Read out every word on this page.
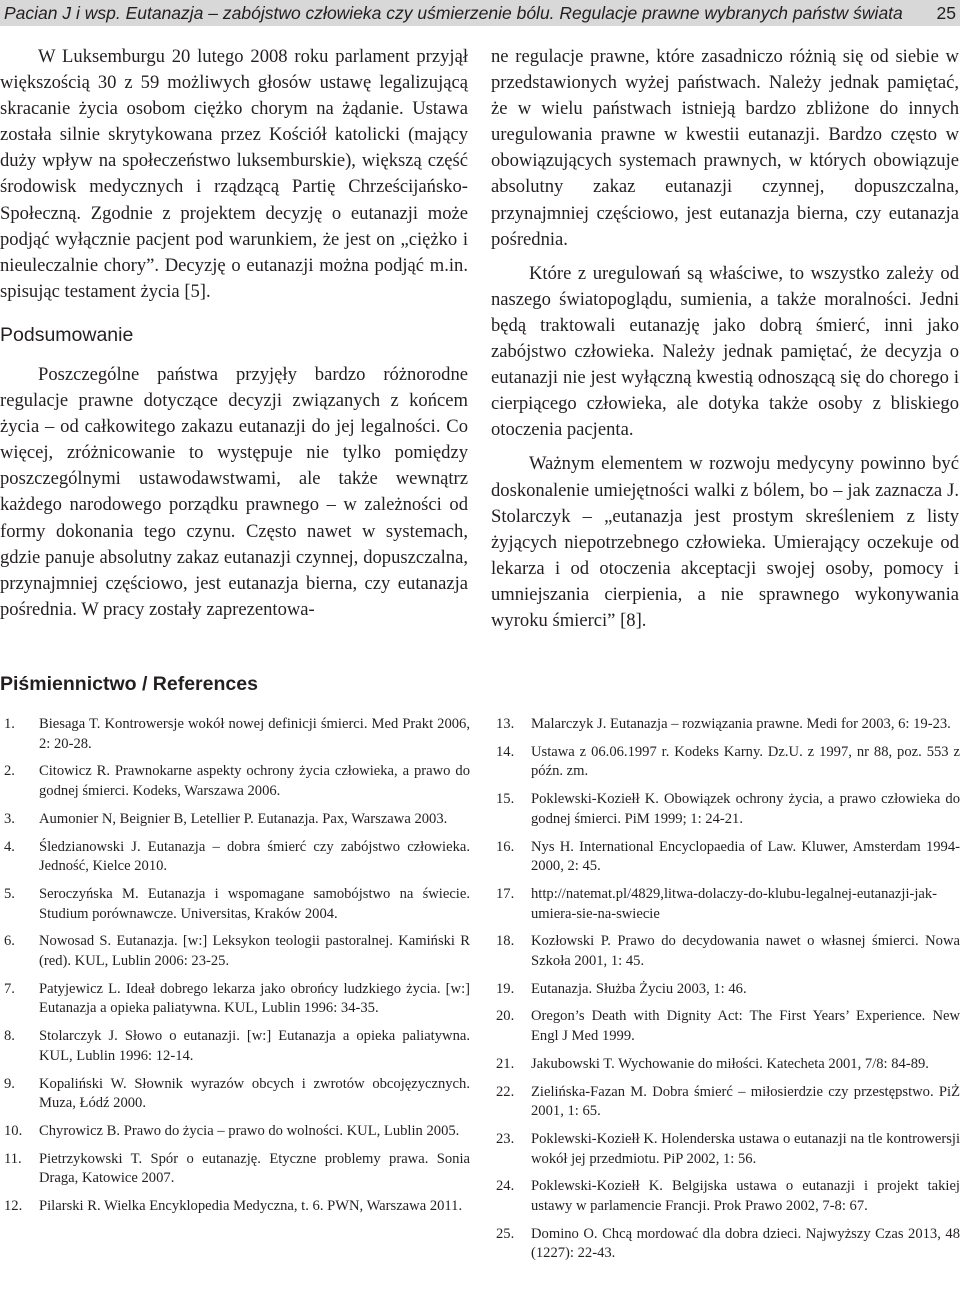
Pacian J i wsp. Eutanazja – zabójstwo człowieka czy uśmierzenie bólu. Regulacje prawne wybranych państw świata 25

W Luksemburgu 20 lutego 2008 roku parlament przyjął większością 30 z 59 możliwych głosów ustawę legalizującą skracanie życia osobom ciężko chorym na żądanie. Ustawa została silnie skrytykowana przez Kościół katolicki (mający duży wpływ na społeczeństwo luksemburskie), większą część środowisk medycznych i rządzącą Partię Chrześcijańsko-Społeczną. Zgodnie z projektem decyzję o eutanazji może podjąć wyłącznie pacjent pod warunkiem, że jest on „ciężko i nieuleczalnie chory”. Decyzję o eutanazji można podjąć m.in. spisując testament życia [5].

Podsumowanie

Poszczególne państwa przyjęły bardzo różnorodne regulacje prawne dotyczące decyzji związanych z końcem życia – od całkowitego zakazu eutanazji do jej legalności. Co więcej, zróżnicowanie to występuje nie tylko pomiędzy poszczególnymi ustawodawstwami, ale także wewnątrz każdego narodowego porządku prawnego – w zależności od formy dokonania tego czynu. Często nawet w systemach, gdzie panuje absolutny zakaz eutanazji czynnej, dopuszczalna, przynajmniej częściowo, jest eutanazja bierna, czy eutanazja pośrednia. W pracy zostały zaprezentowa-

ne regulacje prawne, które zasadniczo różnią się od siebie w przedstawionych wyżej państwach. Należy jednak pamiętać, że w wielu państwach istnieją bardzo zbliżone do innych uregulowania prawne w kwestii eutanazji. Bardzo często w obowiązujących systemach prawnych, w których obowiązuje absolutny zakaz eutanazji czynnej, dopuszczalna, przynajmniej częściowo, jest eutanazja bierna, czy eutanazja pośrednia.

Które z uregulowań są właściwe, to wszystko zależy od naszego światopoglądu, sumienia, a także moralności. Jedni będą traktowali eutanazję jako dobrą śmierć, inni jako zabójstwo człowieka. Należy jednak pamiętać, że decyzja o eutanazji nie jest wyłączną kwestią odnoszącą się do chorego i cierpiącego człowieka, ale dotyka także osoby z bliskiego otoczenia pacjenta.

Ważnym elementem w rozwoju medycyny powinno być doskonalenie umiejętności walki z bólem, bo – jak zaznacza J. Stolarczyk – „eutanazja jest prostym skreśleniem z listy żyjących niepotrzebnego człowieka. Umierający oczekuje od lekarza i od otoczenia akceptacji swojej osoby, pomocy i umniejszania cierpienia, a nie sprawnego wykonywania wyroku śmierci” [8].

Piśmiennictwo / References
1.	Biesaga T. Kontrowersje wokół nowej definicji śmierci. Med Prakt 2006, 2: 20-28.
2.	Citowicz R. Prawnokarne aspekty ochrony życia człowieka, a prawo do godnej śmierci. Kodeks, Warszawa 2006.
3.	Aumonier N, Beignier B, Letellier P. Eutanazja. Pax, Warszawa 2003.
4.	Śledzianowski J. Eutanazja – dobra śmierć czy zabójstwo człowieka. Jedność, Kielce 2010.
5.	Seroczyńska M. Eutanazja i wspomagane samobójstwo na świecie. Studium porównawcze. Universitas, Kraków 2004.
6.	Nowosad S. Eutanazja. [w:] Leksykon teologii pastoralnej. Kamiński R (red). KUL, Lublin 2006: 23-25.
7.	Patyjewicz L. Ideał dobrego lekarza jako obrońcy ludzkiego życia. [w:] Eutanazja a opieka paliatywna. KUL, Lublin 1996: 34-35.
8.	Stolarczyk J. Słowo o eutanazji. [w:] Eutanazja a opieka paliatywna. KUL, Lublin 1996: 12-14.
9.	Kopaliński W. Słownik wyrazów obcych i zwrotów obcojęzycznych. Muza, Łódź 2000.
10.	Chyrowicz B. Prawo do życia – prawo do wolności. KUL, Lublin 2005.
11.	Pietrzykowski T. Spór o eutanazję. Etyczne problemy prawa. Sonia Draga, Katowice 2007.
12.	Pilarski R. Wielka Encyklopedia Medyczna, t. 6. PWN, Warszawa 2011.
13.	Malarczyk J. Eutanazja – rozwiązania prawne. Medi for 2003, 6: 19-23.
14.	Ustawa z 06.06.1997 r. Kodeks Karny. Dz.U. z 1997, nr 88, poz. 553 z późn. zm.
15.	Poklewski-Koziełł K. Obowiązek ochrony życia, a prawo człowieka do godnej śmierci. PiM 1999; 1: 24-21.
16.	Nys H. International Encyclopaedia of Law. Kluwer, Amsterdam 1994-2000, 2: 45.
17.	http://natemat.pl/4829,litwa-dolaczy-do-klubu-legalnej-eutanazji-jak-umiera-sie-na-swiecie
18.	Kozłowski P. Prawo do decydowania nawet o własnej śmierci. Nowa Szkoła 2001, 1: 45.
19.	Eutanazja. Służba Życiu 2003, 1: 46.
20.	Oregon’s Death with Dignity Act: The First Years’ Experience. New Engl J Med 1999.
21.	Jakubowski T. Wychowanie do miłości. Katecheta 2001, 7/8: 84-89.
22.	Zielińska-Fazan M. Dobra śmierć – miłosierdzie czy przestępstwo. PiŻ 2001, 1: 65.
23.	Poklewski-Koziełł K. Holenderska ustawa o eutanazji na tle kontrowersji wokół jej przedmiotu. PiP 2002, 1: 56.
24.	Poklewski-Koziełł K. Belgijska ustawa o eutanazji i projekt takiej ustawy w parlamencie Francji. Prok Prawo 2002, 7-8: 67.
25.	Domino O. Chcą mordować dla dobra dzieci. Najwyższy Czas 2013, 48 (1227): 22-43.
